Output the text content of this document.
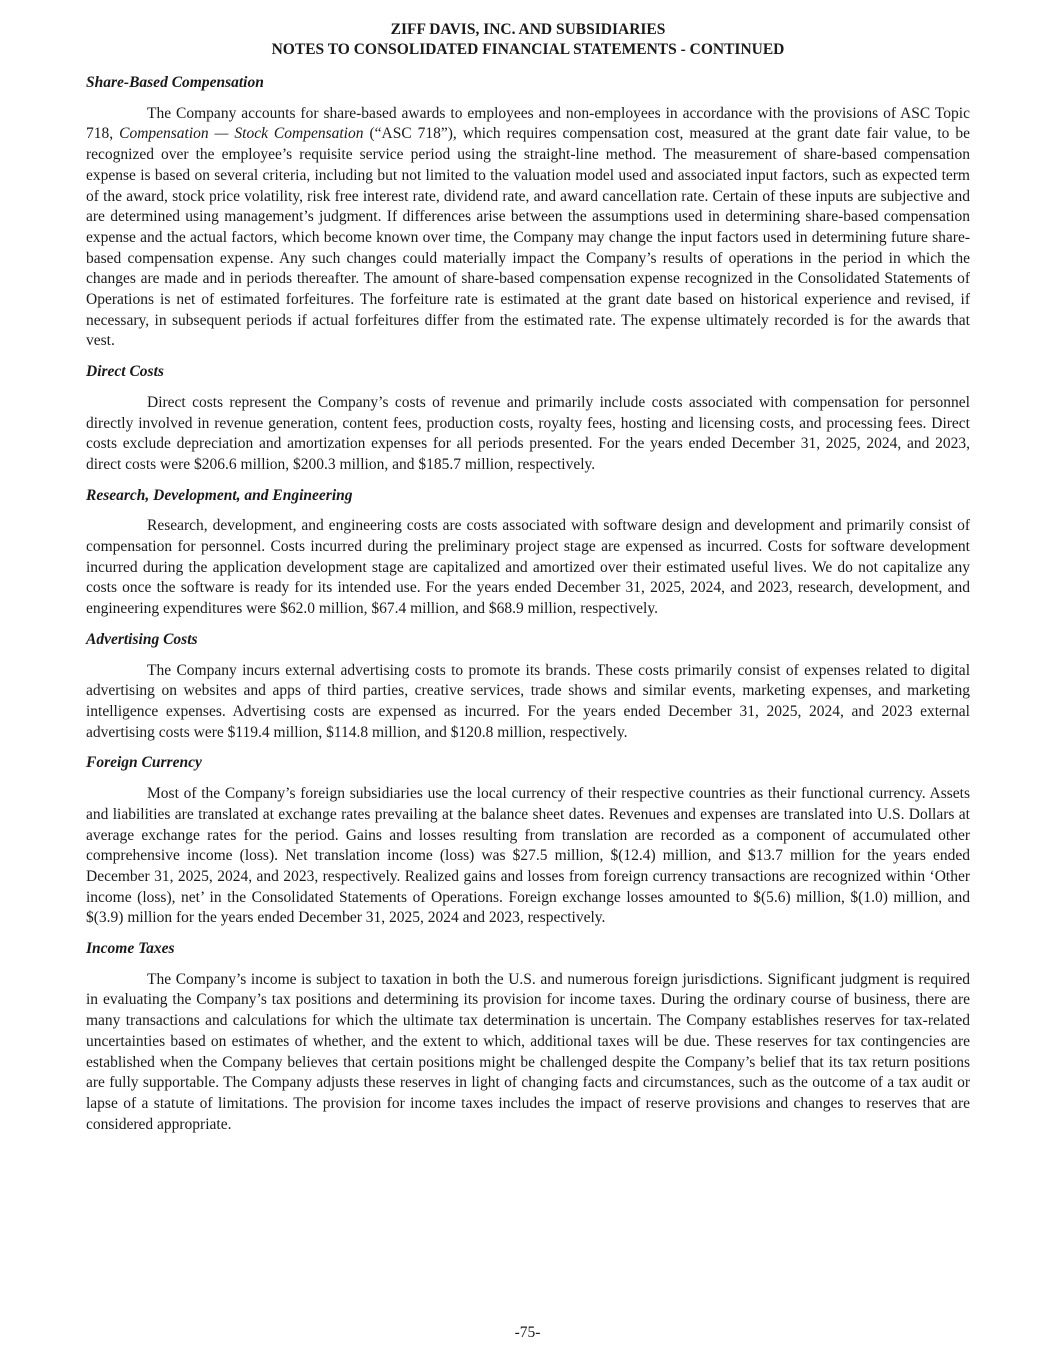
ZIFF DAVIS, INC. AND SUBSIDIARIES
NOTES TO CONSOLIDATED FINANCIAL STATEMENTS - CONTINUED
Share-Based Compensation

The Company accounts for share-based awards to employees and non-employees in accordance with the provisions of ASC Topic 718, Compensation — Stock Compensation (“ASC 718”), which requires compensation cost, measured at the grant date fair value, to be recognized over the employee’s requisite service period using the straight-line method. The measurement of share-based compensation expense is based on several criteria, including but not limited to the valuation model used and associated input factors, such as expected term of the award, stock price volatility, risk free interest rate, dividend rate, and award cancellation rate. Certain of these inputs are subjective and are determined using management’s judgment. If differences arise between the assumptions used in determining share-based compensation expense and the actual factors, which become known over time, the Company may change the input factors used in determining future share-based compensation expense. Any such changes could materially impact the Company’s results of operations in the period in which the changes are made and in periods thereafter. The amount of share-based compensation expense recognized in the Consolidated Statements of Operations is net of estimated forfeitures. The forfeiture rate is estimated at the grant date based on historical experience and revised, if necessary, in subsequent periods if actual forfeitures differ from the estimated rate. The expense ultimately recorded is for the awards that vest.

Direct Costs

Direct costs represent the Company’s costs of revenue and primarily include costs associated with compensation for personnel directly involved in revenue generation, content fees, production costs, royalty fees, hosting and licensing costs, and processing fees. Direct costs exclude depreciation and amortization expenses for all periods presented. For the years ended December 31, 2025, 2024, and 2023, direct costs were $206.6 million, $200.3 million, and $185.7 million, respectively.

Research, Development, and Engineering

Research, development, and engineering costs are costs associated with software design and development and primarily consist of compensation for personnel. Costs incurred during the preliminary project stage are expensed as incurred. Costs for software development incurred during the application development stage are capitalized and amortized over their estimated useful lives. We do not capitalize any costs once the software is ready for its intended use. For the years ended December 31, 2025, 2024, and 2023, research, development, and engineering expenditures were $62.0 million, $67.4 million, and $68.9 million, respectively.

Advertising Costs

The Company incurs external advertising costs to promote its brands. These costs primarily consist of expenses related to digital advertising on websites and apps of third parties, creative services, trade shows and similar events, marketing expenses, and marketing intelligence expenses. Advertising costs are expensed as incurred. For the years ended December 31, 2025, 2024, and 2023 external advertising costs were $119.4 million, $114.8 million, and $120.8 million, respectively.

Foreign Currency

Most of the Company’s foreign subsidiaries use the local currency of their respective countries as their functional currency. Assets and liabilities are translated at exchange rates prevailing at the balance sheet dates. Revenues and expenses are translated into U.S. Dollars at average exchange rates for the period. Gains and losses resulting from translation are recorded as a component of accumulated other comprehensive income (loss). Net translation income (loss) was $27.5 million, $(12.4) million, and $13.7 million for the years ended December 31, 2025, 2024, and 2023, respectively. Realized gains and losses from foreign currency transactions are recognized within ‘Other income (loss), net’ in the Consolidated Statements of Operations. Foreign exchange losses amounted to $(5.6) million, $(1.0) million, and $(3.9) million for the years ended December 31, 2025, 2024 and 2023, respectively.

Income Taxes

The Company’s income is subject to taxation in both the U.S. and numerous foreign jurisdictions. Significant judgment is required in evaluating the Company’s tax positions and determining its provision for income taxes. During the ordinary course of business, there are many transactions and calculations for which the ultimate tax determination is uncertain. The Company establishes reserves for tax-related uncertainties based on estimates of whether, and the extent to which, additional taxes will be due. These reserves for tax contingencies are established when the Company believes that certain positions might be challenged despite the Company’s belief that its tax return positions are fully supportable. The Company adjusts these reserves in light of changing facts and circumstances, such as the outcome of a tax audit or lapse of a statute of limitations. The provision for income taxes includes the impact of reserve provisions and changes to reserves that are considered appropriate.

-75-
